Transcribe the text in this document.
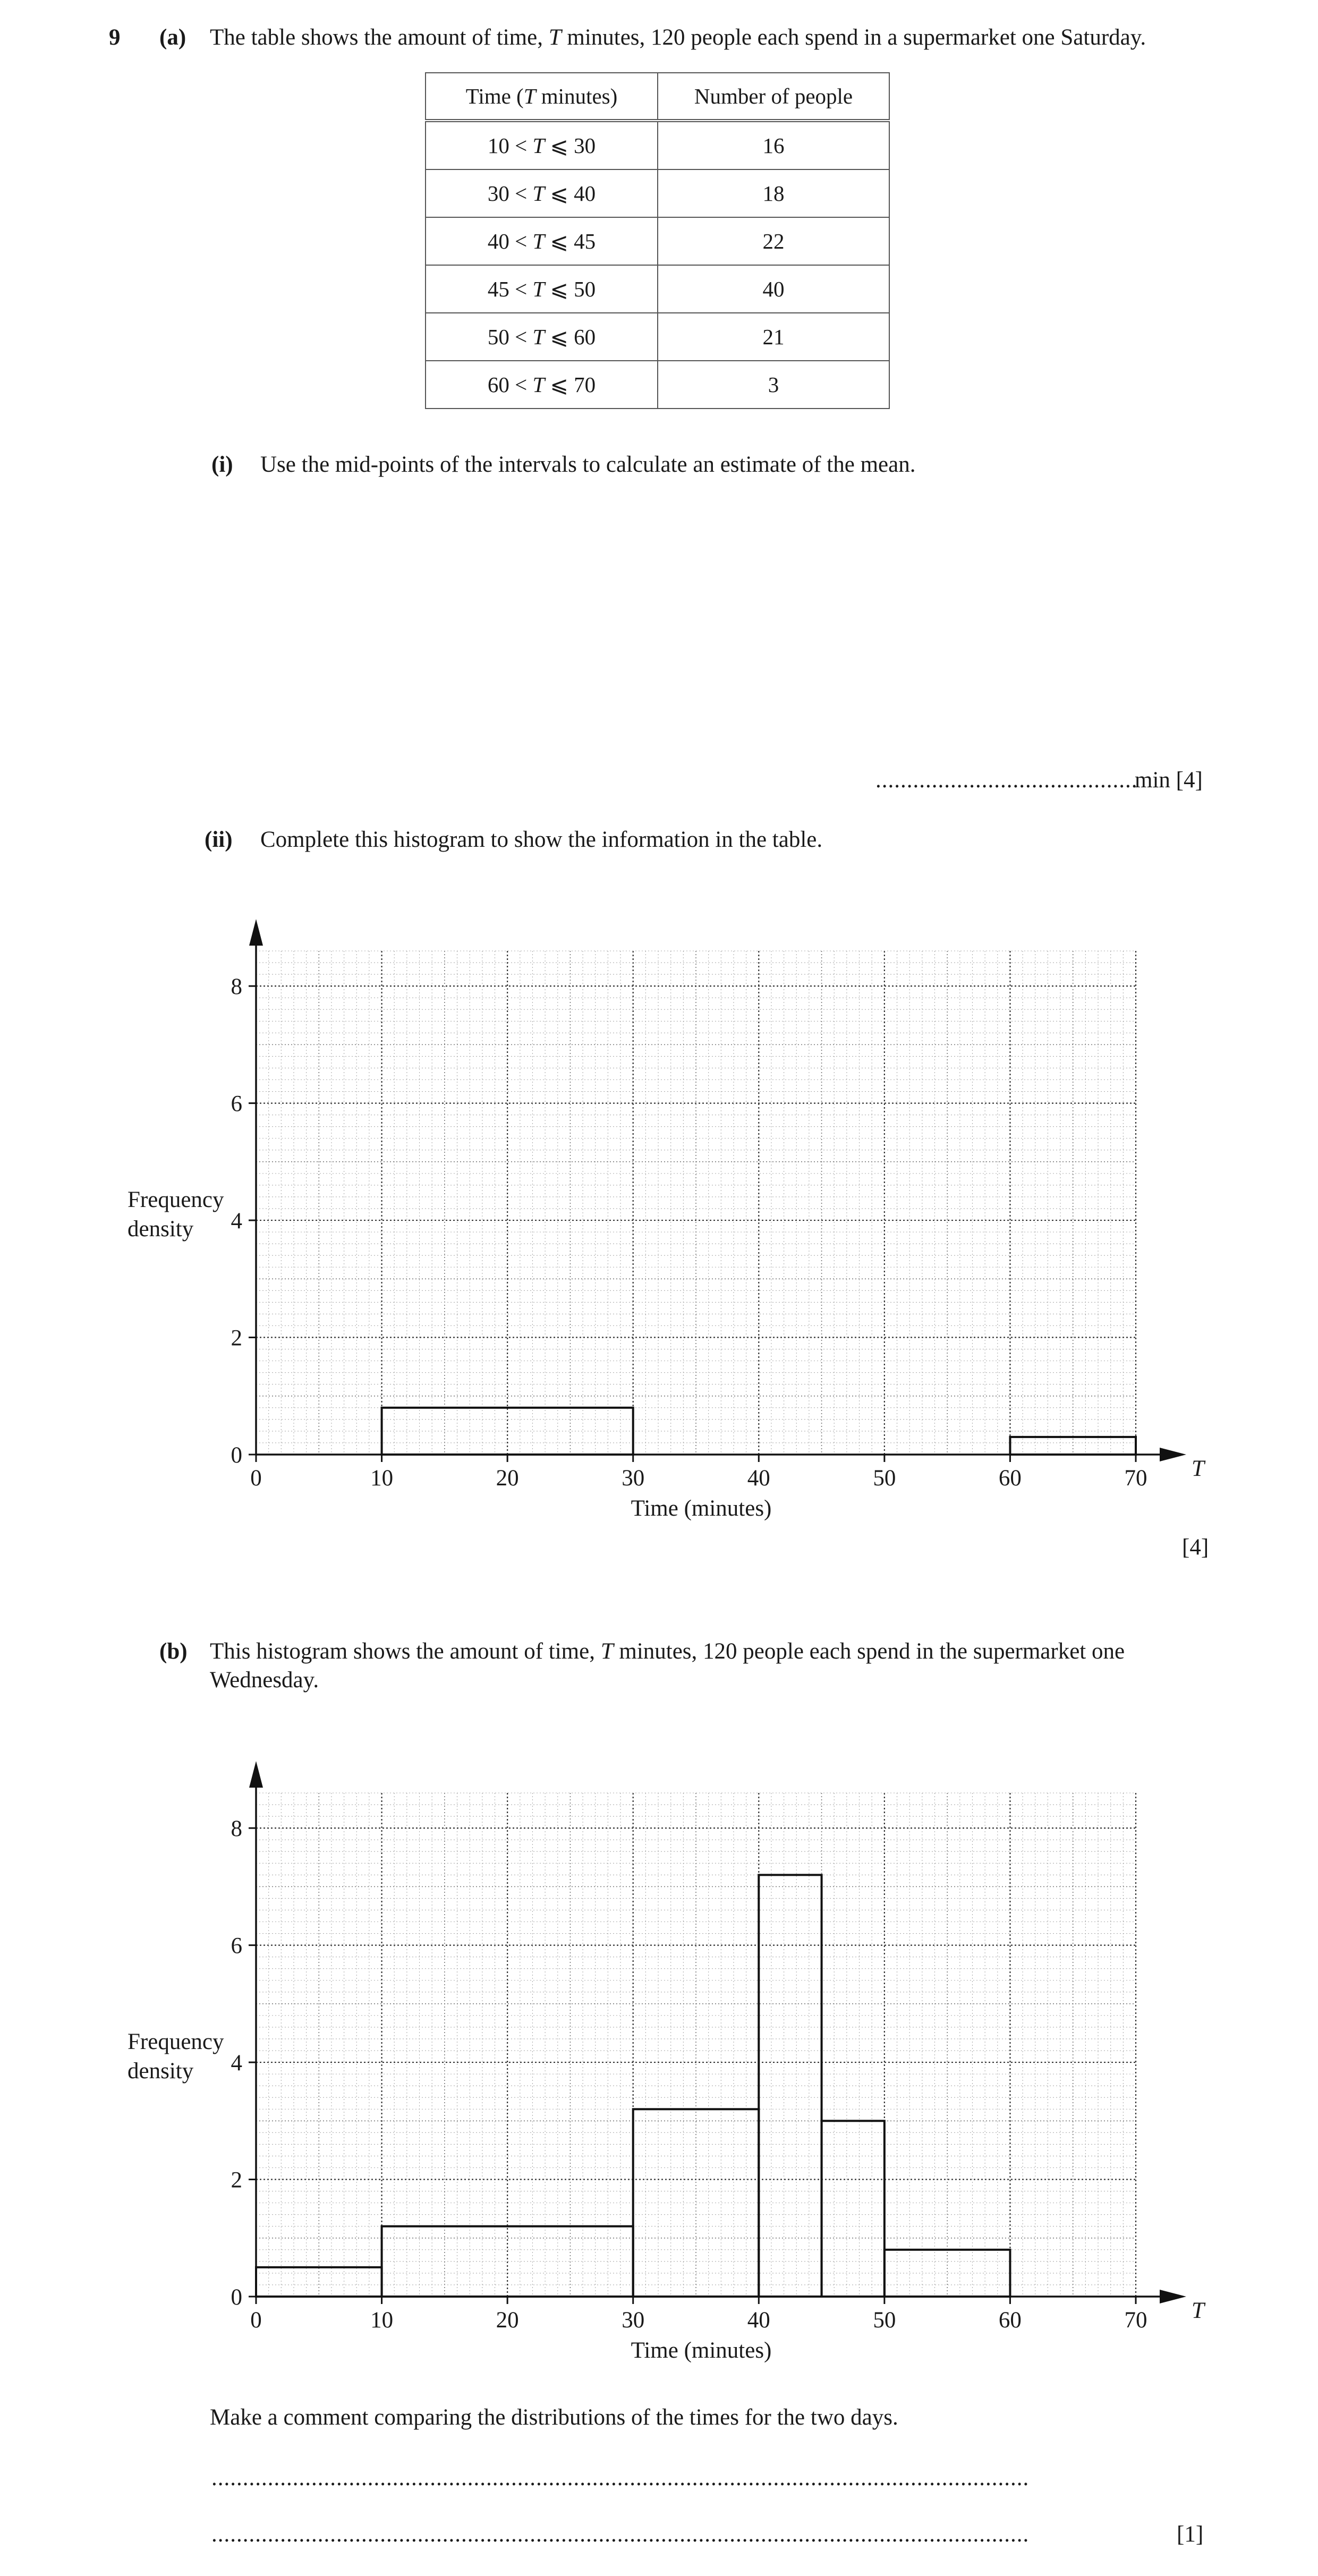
9 (a) The table shows the amount of time, T minutes, 120 people each spend in a supermarket one Saturday.
Time (T minutes)	Number of people
10 < T ⩽ 30	16
30 < T ⩽ 40	18
40 < T ⩽ 45	22
45 < T ⩽ 50	40
50 < T ⩽ 60	21
60 < T ⩽ 70	3
(i) Use the mid-points of the intervals to calculate an estimate of the mean.
..........................................
min [4]
(ii) Complete this histogram to show the information in the table.
0	10	20	30	40	50	60	70
0
2
4
6
8
Time (minutes)
T
Frequency density
[4]
(b) This histogram shows the amount of time, T minutes, 120 people each spend in the supermarket one
Wednesday.
0	10	20	30	40	50	60	70
0
2
4
6
8
Time (minutes)
T
Frequency density
Make a comment comparing the distributions of the times for the two days.
...................................................................................................................................
...................................................................................................................................	[1]
